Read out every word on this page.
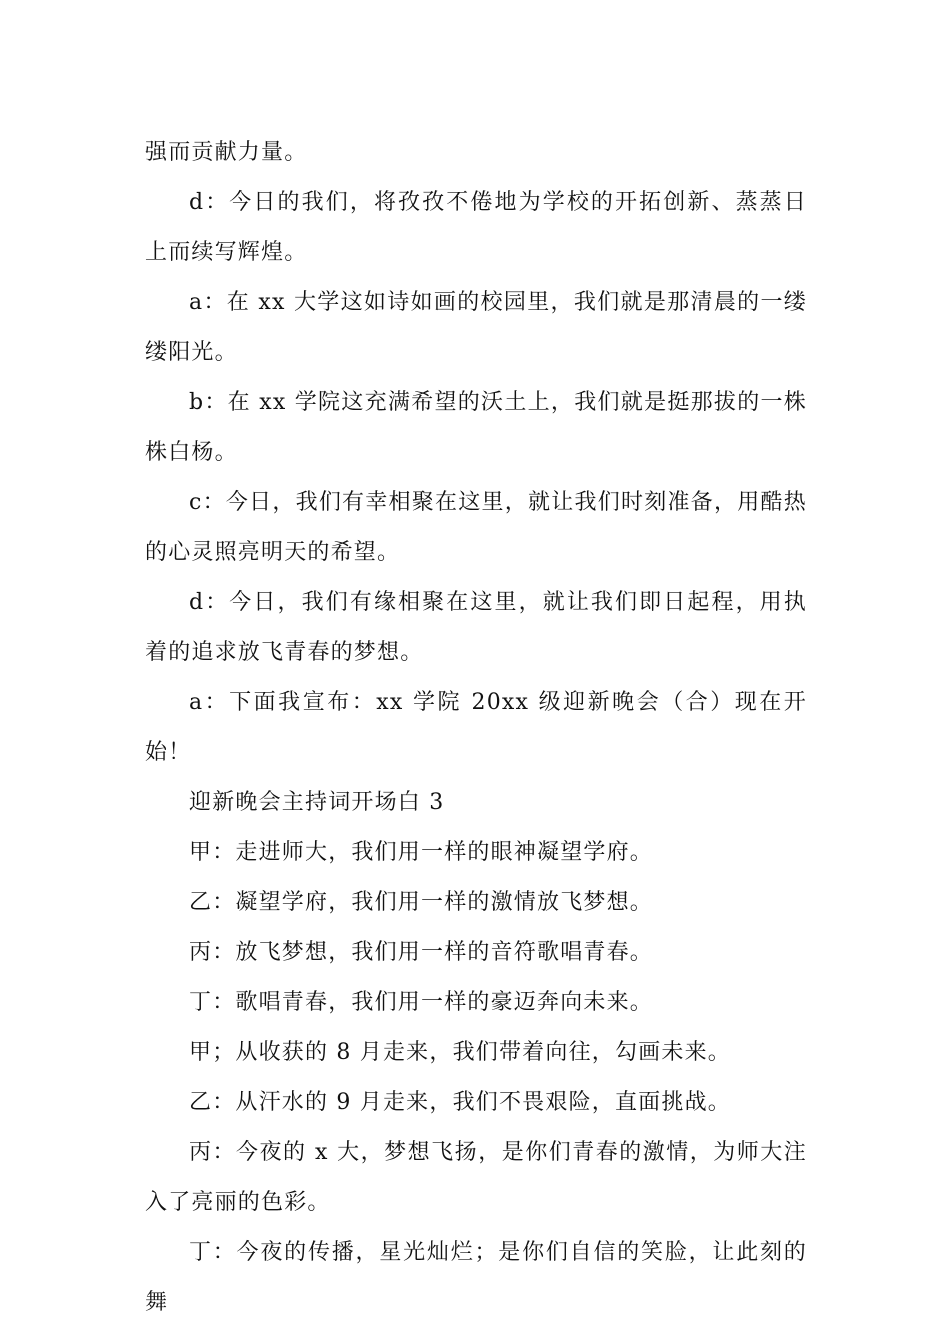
强而贡献力量。

d：今日的我们，将孜孜不倦地为学校的开拓创新、蒸蒸日上而续写辉煌。

a：在 xx 大学这如诗如画的校园里，我们就是那清晨的一缕缕阳光。

b：在 xx 学院这充满希望的沃土上，我们就是挺那拔的一株株白杨。

c：今日，我们有幸相聚在这里，就让我们时刻准备，用酷热的心灵照亮明天的希望。

d：今日，我们有缘相聚在这里，就让我们即日起程，用执着的追求放飞青春的梦想。

a：下面我宣布：xx 学院 20xx 级迎新晚会（合）现在开始！

迎新晚会主持词开场白 3

甲：走进师大，我们用一样的眼神凝望学府。

乙：凝望学府，我们用一样的激情放飞梦想。

丙：放飞梦想，我们用一样的音符歌唱青春。

丁：歌唱青春，我们用一样的豪迈奔向未来。

甲；从收获的 8 月走来，我们带着向往，勾画未来。

乙：从汗水的 9 月走来，我们不畏艰险，直面挑战。

丙：今夜的 x 大，梦想飞扬，是你们青春的激情，为师大注入了亮丽的色彩。

丁：今夜的传播，星光灿烂；是你们自信的笑脸，让此刻的舞
